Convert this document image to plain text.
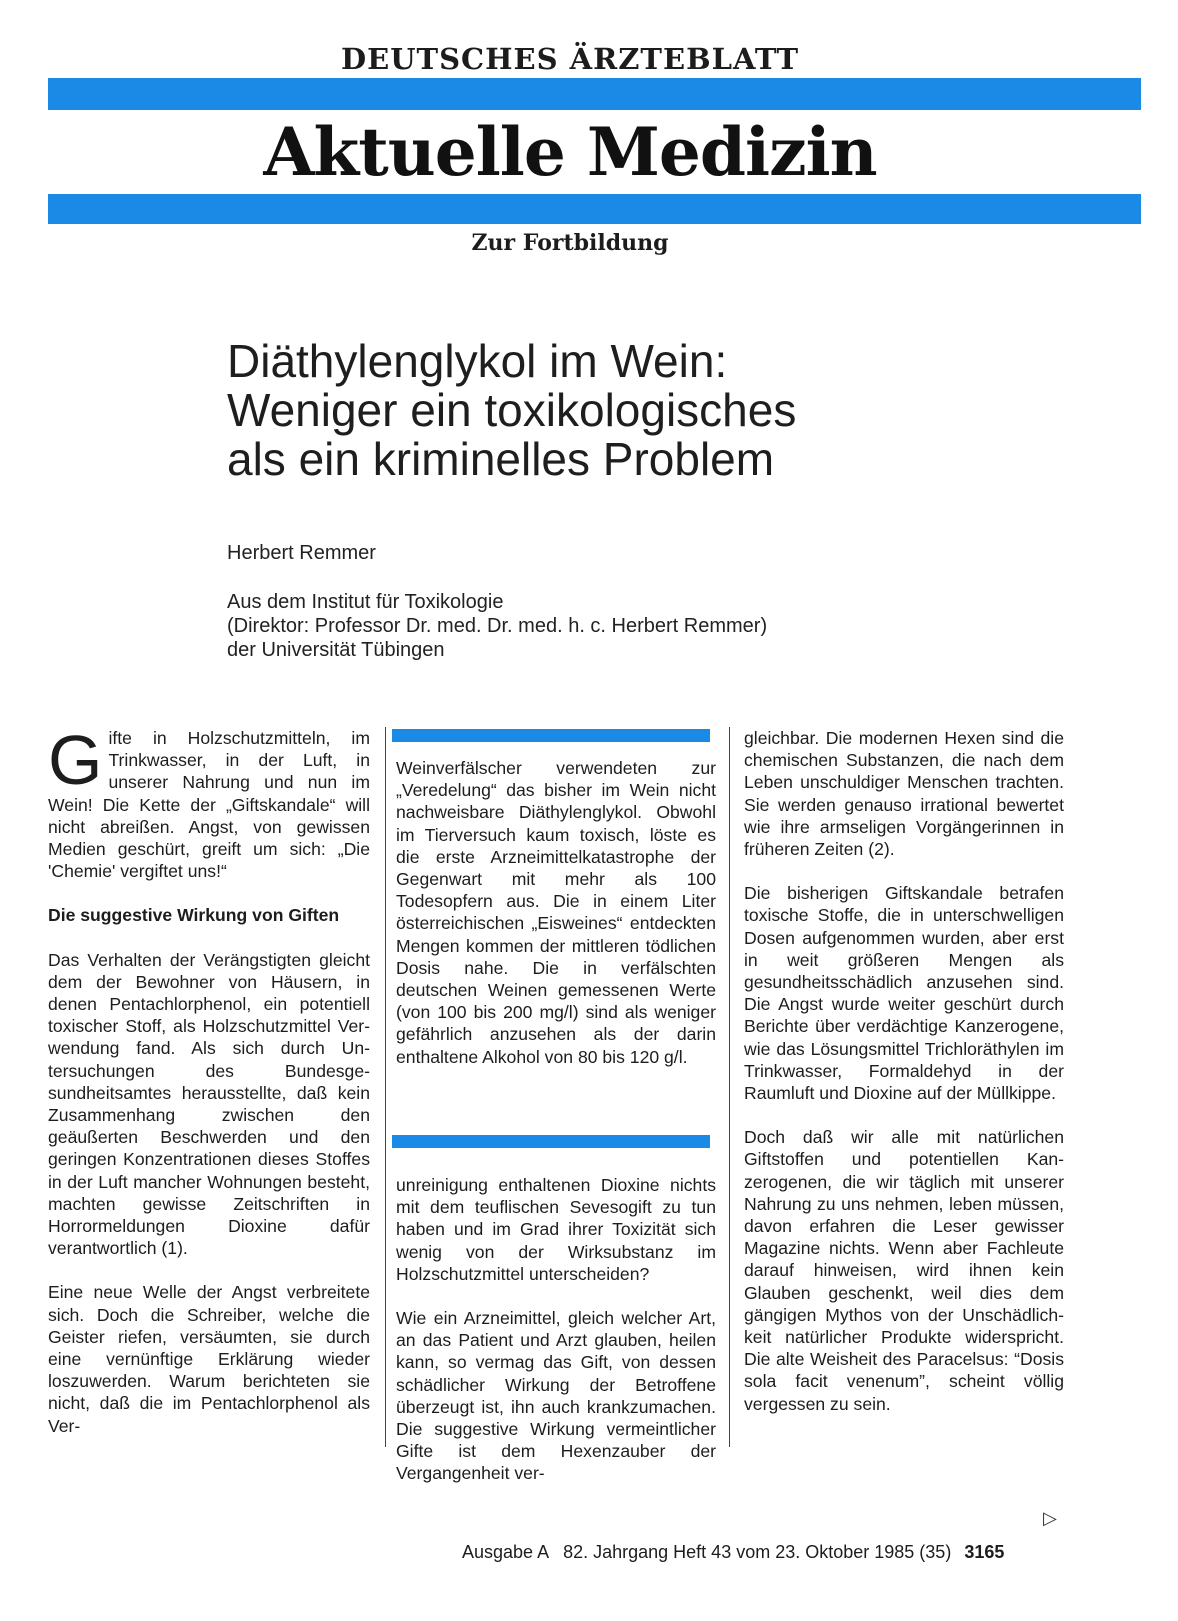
DEUTSCHES ÄRZTEBLATT
Aktuelle Medizin
Zur Fortbildung
Diäthylenglykol im Wein:
Weniger ein toxikologisches
als ein kriminelles Problem
Herbert Remmer
Aus dem Institut für Toxikologie
(Direktor: Professor Dr. med. Dr. med. h. c. Herbert Remmer)
der Universität Tübingen

G ifte in Holzschutzmitteln, im Trinkwasser, in der Luft, in unserer Nahrung und nun im Wein! Die Kette der „Giftskandale“ will nicht abreißen. Angst, von gewissen Medien geschürt, greift um sich: „Die 'Chemie' vergiftet uns!“

Die suggestive Wirkung von Giften

Das Verhalten der Verängstigten gleicht dem der Bewohner von Häusern, in denen Pentachlorphenol, ein potentiell toxischer Stoff, als Holzschutzmittel Verwendung fand. Als sich durch Untersuchungen des Bundesgesundheitsamtes herausstellte, daß kein Zusammenhang zwischen den geäußerten Beschwerden und den geringen Konzentrationen dieses Stoffes in der Luft mancher Wohnungen besteht, machten gewisse Zeitschriften in Horrormeldungen Dioxine dafür verantwortlich (1).

Eine neue Welle der Angst verbreitete sich. Doch die Schreiber, welche die Geister riefen, versäumten, sie durch eine vernünftige Erklärung wieder loszuwerden. Warum berichteten sie nicht, daß die im Pentachlorphenol als Ver-

Weinverfälscher verwendeten zur „Veredelung“ das bisher im Wein nicht nachweisbare Diäthylenglykol. Obwohl im Tierversuch kaum toxisch, löste es die erste Arzneimittelkatastrophe der Gegenwart mit mehr als 100 Todesopfern aus. Die in einem Liter österreichischen „Eisweines“ entdeckten Mengen kommen der mittleren tödlichen Dosis nahe. Die in verfälschten deutschen Weinen gemessenen Werte (von 100 bis 200 mg/l) sind als weniger gefährlich anzusehen als der darin enthaltene Alkohol von 80 bis 120 g/l.

unreinigung enthaltenen Dioxine nichts mit dem teuflischen Sevesogift zu tun haben und im Grad ihrer Toxizität sich wenig von der Wirksubstanz im Holzschutzmittel unterscheiden?

Wie ein Arzneimittel, gleich welcher Art, an das Patient und Arzt glauben, heilen kann, so vermag das Gift, von dessen schädlicher Wirkung der Betroffene überzeugt ist, ihn auch krankzumachen. Die suggestive Wirkung vermeintlicher Gifte ist dem Hexenzauber der Vergangenheit ver-

gleichbar. Die modernen Hexen sind die chemischen Substanzen, die nach dem Leben unschuldiger Menschen trachten. Sie werden genauso irrational bewertet wie ihre armseligen Vorgängerinnen in früheren Zeiten (2).

Die bisherigen Giftskandale betrafen toxische Stoffe, die in unterschwelligen Dosen aufgenommen wurden, aber erst in weit größeren Mengen als gesundheitsschädlich anzusehen sind. Die Angst wurde weiter geschürt durch Berichte über verdächtige Kanzerogene, wie das Lösungsmittel Trichloräthylen im Trinkwasser, Formaldehyd in der Raumluft und Dioxine auf der Müllkippe.

Doch daß wir alle mit natürlichen Giftstoffen und potentiellen Kanzerogenen, die wir täglich mit unserer Nahrung zu uns nehmen, leben müssen, davon erfahren die Leser gewisser Magazine nichts. Wenn aber Fachleute darauf hinweisen, wird ihnen kein Glauben geschenkt, weil dies dem gängigen Mythos von der Unschädlichkeit natürlicher Produkte widerspricht. Die alte Weisheit des Paracelsus: “Dosis sola facit venenum”, scheint völlig vergessen zu sein.

▷
Ausgabe A   82. Jahrgang Heft 43 vom 23. Oktober 1985 (35) 3165
